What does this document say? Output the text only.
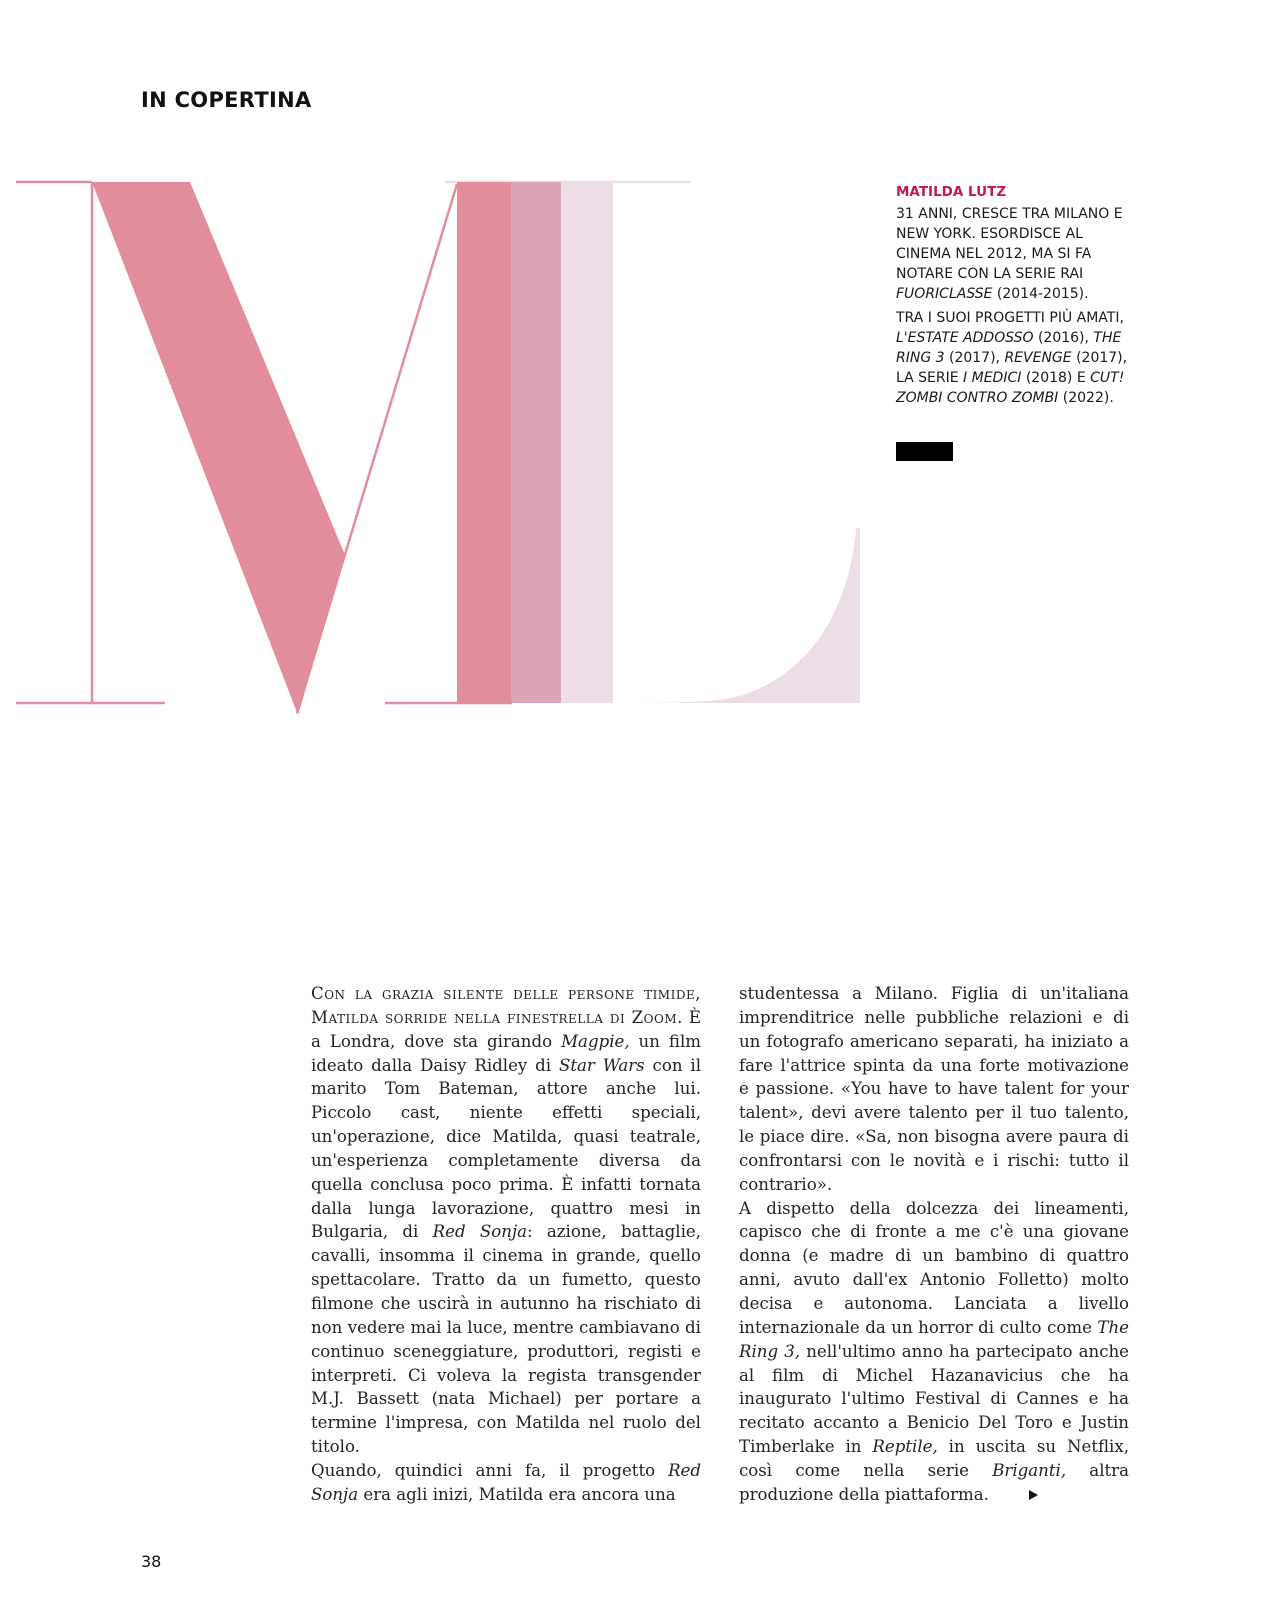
IN COPERTINA
MATILDA LUTZ

31 ANNI, CRESCE TRA MILANO E NEW YORK. ESORDISCE AL CINEMA NEL 2012, MA SI FA NOTARE CON LA SERIE RAI FUORICLASSE (2014-2015).

TRA I SUOI PROGETTI PIÙ AMATI, L'ESTATE ADDOSSO (2016), THE RING 3 (2017), REVENGE (2017), LA SERIE I MEDICI (2018) E CUT! ZOMBI CONTRO ZOMBI (2022).

Con la grazia silente delle persone timide, Matilda sorride nella finestrella di Zoom. È a Londra, dove sta girando Magpie, un film ideato dalla Daisy Ridley di Star Wars con il marito Tom Bateman, attore anche lui. Piccolo cast, niente effetti speciali, un'operazione, dice Matilda, quasi teatrale, un'esperienza completamente diversa da quella conclusa poco prima. È infatti tornata dalla lunga lavorazione, quattro mesi in Bulgaria, di Red Sonja: azione, battaglie, cavalli, insomma il cinema in grande, quello spettacolare. Tratto da un fumetto, questo filmone che uscirà in autunno ha rischiato di non vedere mai la luce, mentre cambiavano di continuo sceneggiature, produttori, registi e interpreti. Ci voleva la regista transgender M.J. Bassett (nata Michael) per portare a termine l'impresa, con Matilda nel ruolo del titolo.

Quando, quindici anni fa, il progetto Red Sonja era agli inizi, Matilda era ancora una

studentessa a Milano. Figlia di un'italiana imprenditrice nelle pubbliche relazioni e di un fotografo americano separati, ha iniziato a fare l'attrice spinta da una forte motivazione e passione. «You have to have talent for your talent», devi avere talento per il tuo talento, le piace dire. «Sa, non bisogna avere paura di confrontarsi con le novità e i rischi: tutto il contrario».

A dispetto della dolcezza dei lineamenti, capisco che di fronte a me c'è una giovane donna (e madre di un bambino di quattro anni, avuto dall'ex Antonio Folletto) molto decisa e autonoma. Lanciata a livello internazionale da un horror di culto come The Ring 3, nell'ultimo anno ha partecipato anche al film di Michel Hazanavicius che ha inaugurato l'ultimo Festival di Cannes e ha recitato accanto a Benicio Del Toro e Justin Timberlake in Reptile, in uscita su Netflix, così come nella serie Briganti, altra produzione della piattaforma.

38
